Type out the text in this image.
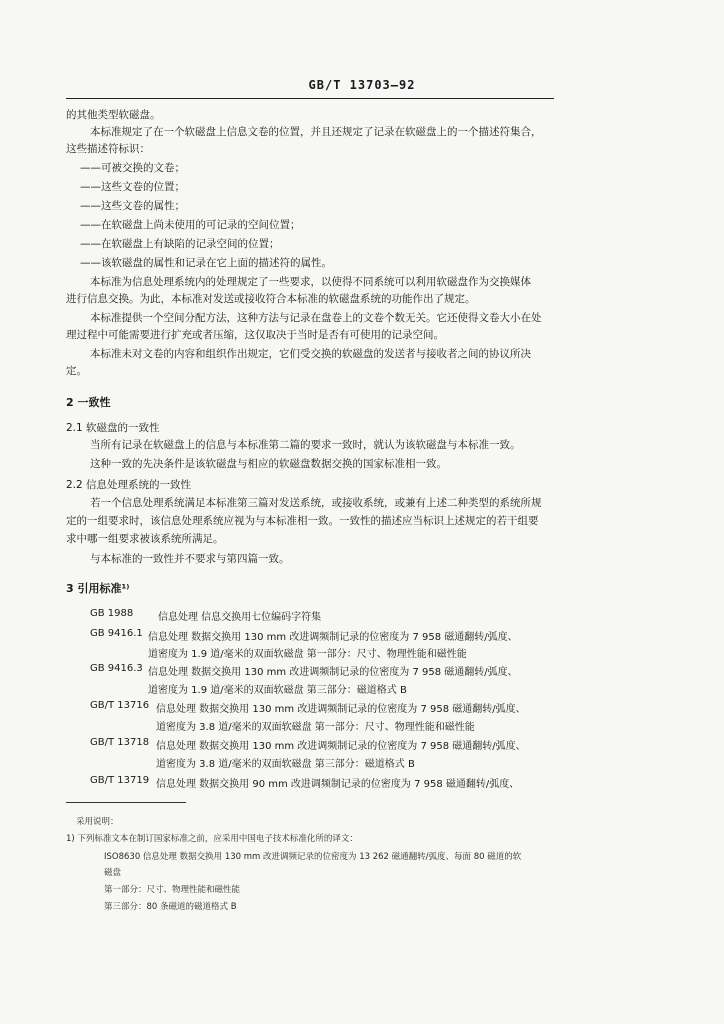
GB/T 13703—92
的其他类型软磁盘。
本标准规定了在一个软磁盘上信息文卷的位置，并且还规定了记录在软磁盘上的一个描述符集合，
这些描述符标识：
——可被交换的文卷；
——这些文卷的位置；
——这些文卷的属性；
——在软磁盘上尚未使用的可记录的空间位置；
——在软磁盘上有缺陷的记录空间的位置；
——该软磁盘的属性和记录在它上面的描述符的属性。
本标准为信息处理系统内的处理规定了一些要求，以使得不同系统可以利用软磁盘作为交换媒体
进行信息交换。为此，本标准对发送或接收符合本标准的软磁盘系统的功能作出了规定。
本标准提供一个空间分配方法，这种方法与记录在盘卷上的文卷个数无关。它还使得文卷大小在处
理过程中可能需要进行扩充或者压缩，这仅取决于当时是否有可使用的记录空间。
本标准未对文卷的内容和组织作出规定，它们受交换的软磁盘的发送者与接收者之间的协议所决
定。
2 一致性
2.1 软磁盘的一致性
当所有记录在软磁盘上的信息与本标准第二篇的要求一致时，就认为该软磁盘与本标准一致。
这种一致的先决条件是该软磁盘与相应的软磁盘数据交换的国家标准相一致。
2.2 信息处理系统的一致性
若一个信息处理系统满足本标准第三篇对发送系统，或接收系统，或兼有上述二种类型的系统所规
定的一组要求时，该信息处理系统应视为与本标准相一致。一致性的描述应当标识上述规定的若干组要
求中哪一组要求被该系统所满足。
与本标准的一致性并不要求与第四篇一致。
3 引用标准¹⁾
GB 1988 信息处理 信息交换用七位编码字符集
GB 9416.1 信息处理 数据交换用 130 mm 改进调频制记录的位密度为 7 958 磁通翻转/弧度、
道密度为 1.9 道/毫米的双面软磁盘 第一部分：尺寸、物理性能和磁性能
GB 9416.3 信息处理 数据交换用 130 mm 改进调频制记录的位密度为 7 958 磁通翻转/弧度、
道密度为 1.9 道/毫米的双面软磁盘 第三部分：磁道格式 B
GB/T 13716 信息处理 数据交换用 130 mm 改进调频制记录的位密度为 7 958 磁通翻转/弧度、
道密度为 3.8 道/毫米的双面软磁盘 第一部分：尺寸、物理性能和磁性能
GB/T 13718 信息处理 数据交换用 130 mm 改进调频制记录的位密度为 7 958 磁通翻转/弧度、
道密度为 3.8 道/毫米的双面软磁盘 第三部分：磁道格式 B
GB/T 13719 信息处理 数据交换用 90 mm 改进调频制记录的位密度为 7 958 磁通翻转/弧度、
采用说明：
1) 下列标准文本在制订国家标准之前，应采用中国电子技术标准化所的译文：
ISO8630 信息处理 数据交换用 130 mm 改进调频记录的位密度为 13 262 磁通翻转/弧度、每面 80 磁道的软
磁盘
第一部分：尺寸、物理性能和磁性能
第三部分：80 条磁道的磁道格式 B
